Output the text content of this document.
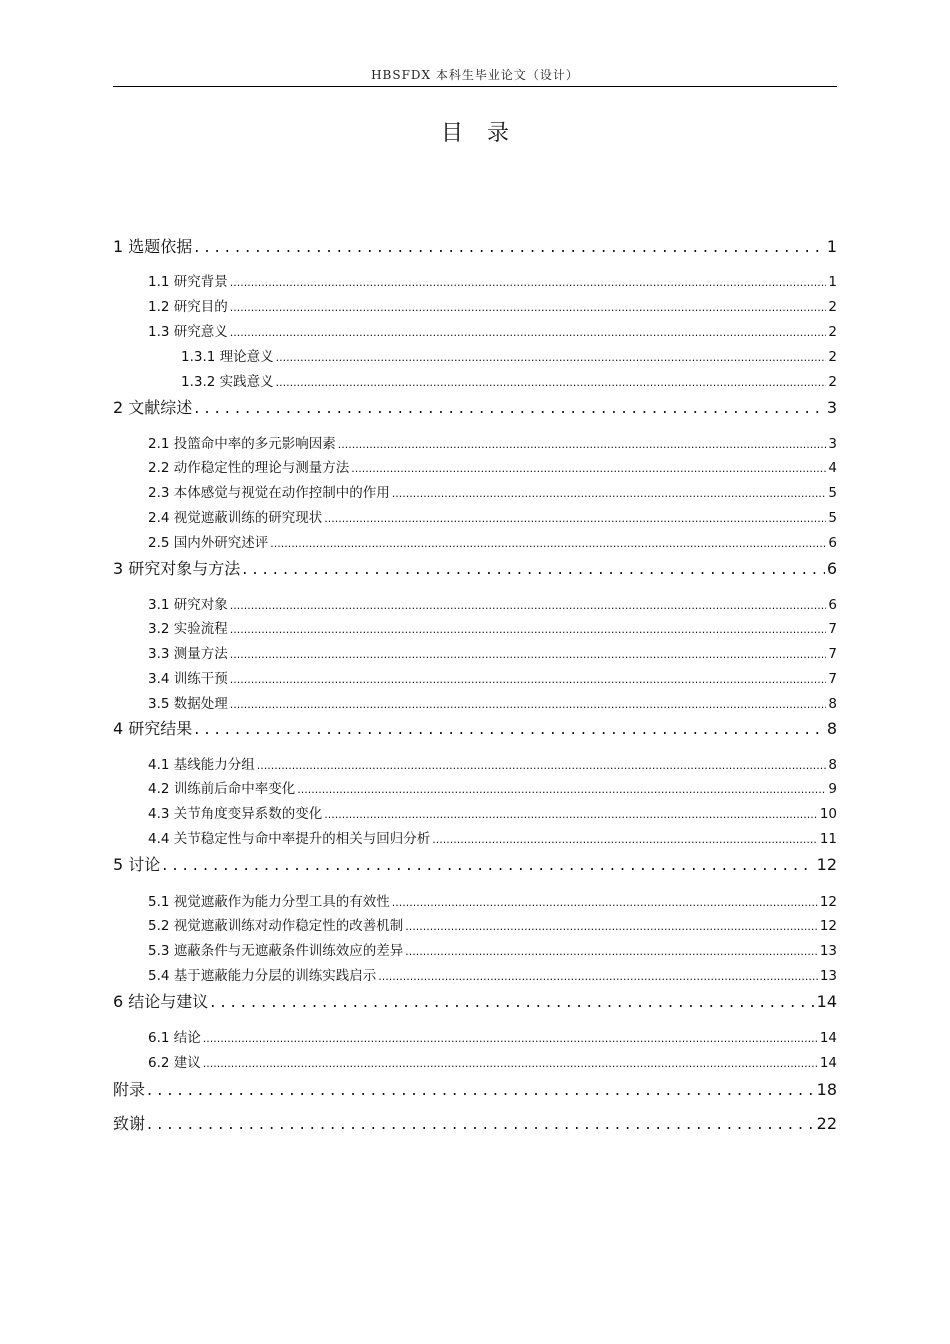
HBSFDX 本科生毕业论文（设计）
目录
1 选题依据 . . .	1
1.1 研究背景 .....	1
1.2 研究目的 .....	2
1.3 研究意义 .....	2
1.3.1 理论意义 .....	2
1.3.2 实践意义 .....	2
2 文献综述 . . .	3
2.1 投篮命中率的多元影响因素 .....	3
2.2 动作稳定性的理论与测量方法 .....	4
2.3 本体感觉与视觉在动作控制中的作用 .....	5
2.4 视觉遮蔽训练的研究现状 .....	5
2.5 国内外研究述评 .....	6
3 研究对象与方法 . . .	6
3.1 研究对象 .....	6
3.2 实验流程 .....	7
3.3 测量方法 .....	7
3.4 训练干预 .....	7
3.5 数据处理 .....	8
4 研究结果 . . .	8
4.1 基线能力分组 .....	8
4.2 训练前后命中率变化 .....	9
4.3 关节角度变异系数的变化 .....	10
4.4 关节稳定性与命中率提升的相关与回归分析 .....	11
5 讨论 . . .	12
5.1 视觉遮蔽作为能力分型工具的有效性 .....	12
5.2 视觉遮蔽训练对动作稳定性的改善机制 .....	12
5.3 遮蔽条件与无遮蔽条件训练效应的差异 .....	13
5.4 基于遮蔽能力分层的训练实践启示 .....	13
6 结论与建议 . . .	14
6.1 结论 .....	14
6.2 建议 .....	14
附录 . . .	18
致谢 . . .	22
